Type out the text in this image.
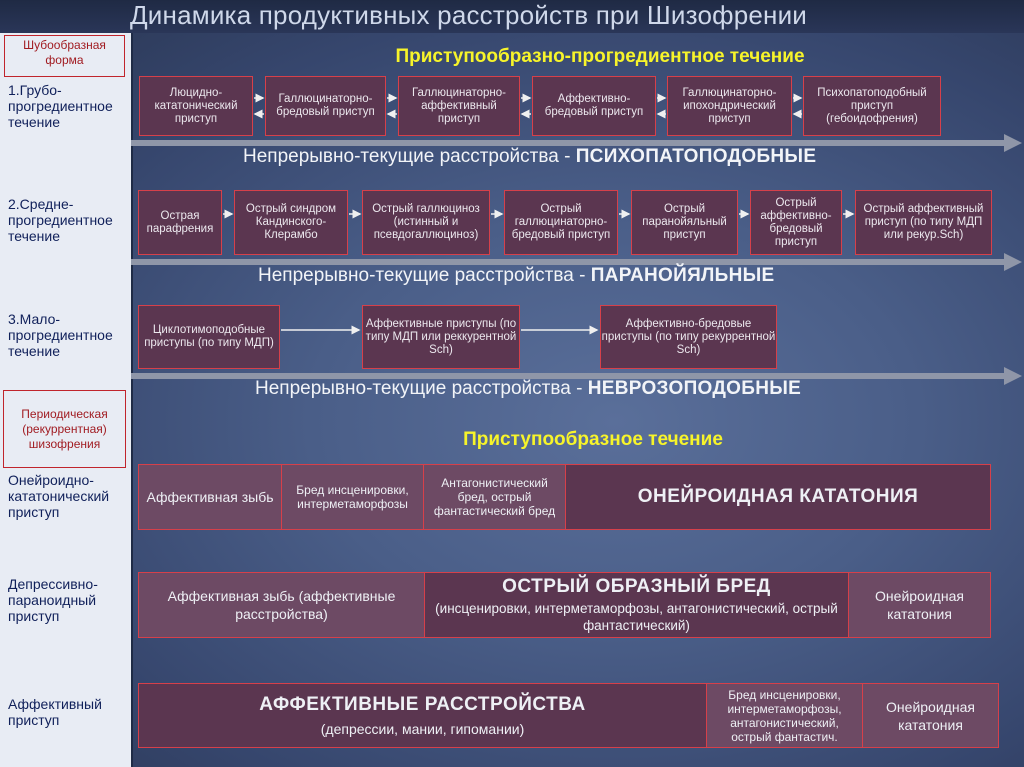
Динамика продуктивных расстройств при Шизофрении
Шубообразная форма
1.Грубо-прогредиентное течение
2.Средне-прогредиентное течение
3.Мало-прогредиентное течение
Периодическая (рекуррентная) шизофрения
Онейроидно-кататонический приступ
Депрессивно-параноидный приступ
Аффективный приступ
Приступообразно-прогредиентное течение
Приступообразное течение
Люцидно-кататонический приступ
Галлюцинаторно-бредовый приступ
Галлюцинаторно-аффективный приступ
Аффективно-бредовый приступ
Галлюцинаторно-ипохондрический приступ
Психопатоподобный приступ (гебоидофрения)
Непрерывно-текущие расстройства - ПСИХОПАТОПОДОБНЫЕ
Острая парафрения
Острый синдром Кандинского-Клерамбо
Острый галлюциноз (истинный и псевдогаллюциноз)
Острый галлюцинаторно-бредовый приступ
Острый паранойяльный приступ
Острый аффективно-бредовый приступ
Острый аффективный приступ (по типу МДП или рекур.Sch)
Непрерывно-текущие расстройства - ПАРАНОЙЯЛЬНЫЕ
Циклотимоподобные приступы (по типу МДП)
Аффективные приступы (по типу МДП или реккурентной Sch)
Аффективно-бредовые приступы (по типу рекуррентной Sch)
Непрерывно-текущие расстройства - НЕВРОЗОПОДОБНЫЕ
Аффективная зыбь	Бред инсценировки, интерметаморфозы
Антагонистический бред, острый фантастический бред
ОНЕЙРОИДНАЯ КАТАТОНИЯ
Аффективная зыбь (аффективные расстройства)
ОСТРЫЙ ОБРАЗНЫЙ БРЕД
(инсценировки, интерметаморфозы, антагонистический, острый фантастический)
Онейроидная кататония
АФФЕКТИВНЫЕ РАССТРОЙСТВА
(депрессии, мании, гипомании)
Бред инсценировки, интерметаморфозы, антагонистический, острый фантастич.
Онейроидная кататония
